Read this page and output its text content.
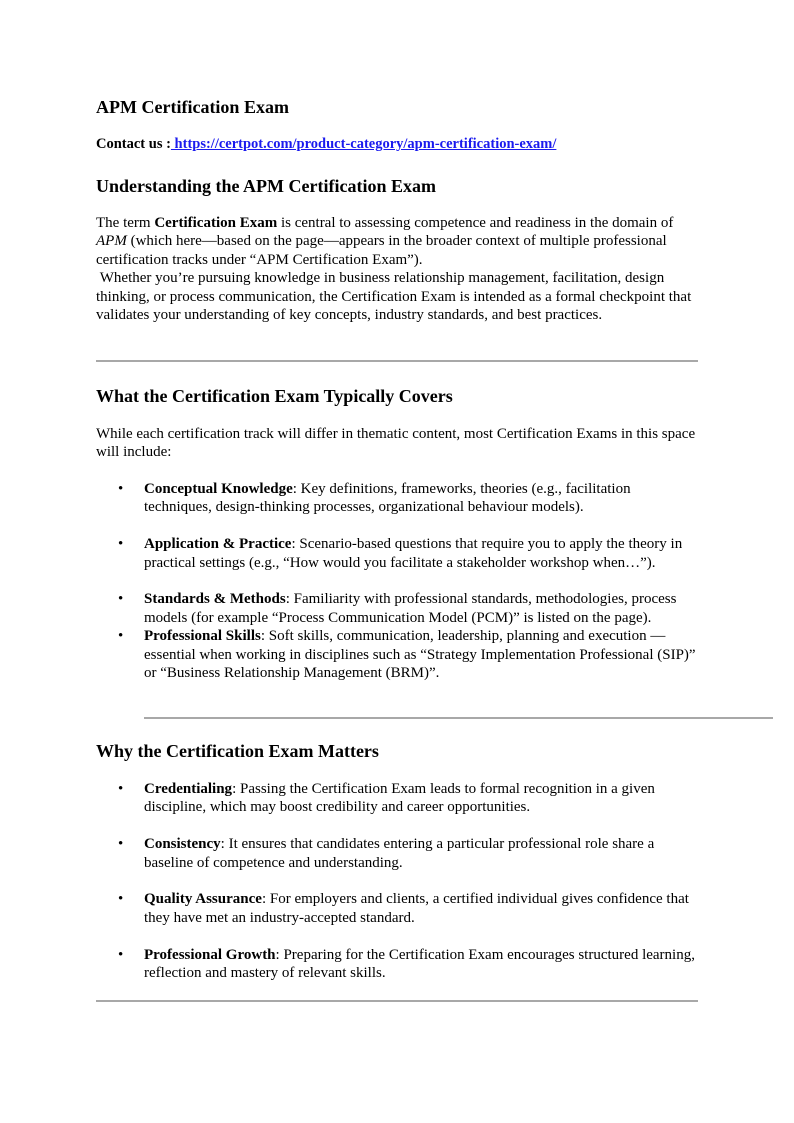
APM Certification Exam

Contact us : https://certpot.com/product-category/apm-certification-exam/

Understanding the APM Certification Exam

The term Certification Exam is central to assessing competence and readiness in the domain of APM (which here—based on the page—appears in the broader context of multiple professional certification tracks under “APM Certification Exam”).

Whether you’re pursuing knowledge in business relationship management, facilitation, design thinking, or process communication, the Certification Exam is intended as a formal checkpoint that validates your understanding of key concepts, industry standards, and best practices.

What the Certification Exam Typically Covers

While each certification track will differ in thematic content, most Certification Exams in this space will include:

• Conceptual Knowledge: Key definitions, frameworks, theories (e.g., facilitation techniques, design-thinking processes, organizational behaviour models).
• Application & Practice: Scenario-based questions that require you to apply the theory in practical settings (e.g., “How would you facilitate a stakeholder workshop when…”).
• Standards & Methods: Familiarity with professional standards, methodologies, process models (for example “Process Communication Model (PCM)” is listed on the page).
• Professional Skills: Soft skills, communication, leadership, planning and execution — essential when working in disciplines such as “Strategy Implementation Professional (SIP)” or “Business Relationship Management (BRM)”.
Why the Certification Exam Matters
• Credentialing: Passing the Certification Exam leads to formal recognition in a given discipline, which may boost credibility and career opportunities.
• Consistency: It ensures that candidates entering a particular professional role share a baseline of competence and understanding.
• Quality Assurance: For employers and clients, a certified individual gives confidence that they have met an industry-accepted standard.
• Professional Growth: Preparing for the Certification Exam encourages structured learning, reflection and mastery of relevant skills.
